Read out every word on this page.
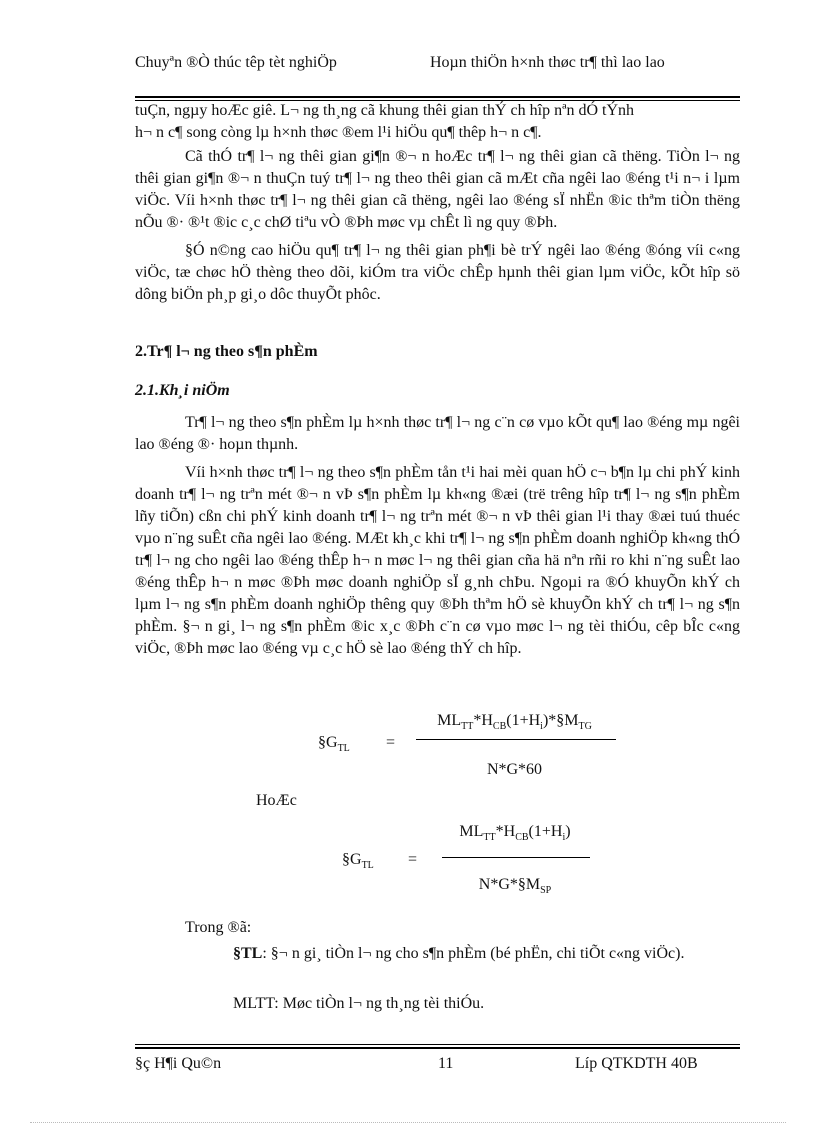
Chuyªn ®Ò thúc têp tèt nghiÖp	Hoµn thiÖn h×nh thøc tr¶ thì lao lao

tuÇn, ngµy hoÆc giê. L¬ ng th¸ng cã khung thêi gian thÝ ch hîp nªn dÓ tÝnh
h¬ n c¶ song còng lµ h×nh thøc ®em l¹i hiÖu qu¶ thêp h¬ n c¶.

Cã thÓ tr¶ l¬ ng thêi gian gi¶n ®¬ n hoÆc tr¶ l¬ ng thêi gian cã thëng. TiÒn l¬ ng thêi gian gi¶n ®¬ n thuÇn tuý tr¶ l¬ ng theo thêi gian cã mÆt cña ngêi lao ®éng t¹i n¬ i lµm viÖc. Víi h×nh thøc tr¶ l¬ ng thêi gian cã thëng, ngêi lao ®éng sÏ nhËn ®ic thªm tiÒn thëng nÕu ®· ®¹t ®ic c¸c chØ tiªu vÒ ®Þh møc vµ chÊt lì ng quy ®Þh.

§Ó n©ng cao hiÖu qu¶ tr¶ l¬ ng thêi gian ph¶i bè trÝ ngêi lao ®éng ®óng víi c«ng viÖc, tæ chøc hÖ thèng theo dõi, kiÓm tra viÖc chÊp hµnh thêi gian lµm viÖc, kÕt hîp sö dông biÖn ph¸p gi¸o dôc thuyÕt phôc.

2.Tr¶ l¬ ng theo s¶n phÈm
2.1.Kh¸i niÖm

Tr¶ l¬ ng theo s¶n phÈm lµ h×nh thøc tr¶ l¬ ng c¨n cø vµo kÕt qu¶ lao ®éng mµ ngêi lao ®éng ®· hoµn thµnh.

Víi h×nh thøc tr¶ l¬ ng theo s¶n phÈm tån t¹i hai mèi quan hÖ c¬ b¶n lµ chi phÝ kinh doanh tr¶ l¬ ng trªn mét ®¬ n vÞ s¶n phÈm lµ kh«ng ®æi (trë trêng hîp tr¶ l¬ ng s¶n phÈm lñy tiÕn) cßn chi phÝ kinh doanh tr¶ l¬ ng trªn mét ®¬ n vÞ thêi gian l¹i thay ®æi tuú thuéc vµo n¨ng suÊt cña ngêi lao ®éng. MÆt kh¸c khi tr¶ l¬ ng s¶n phÈm doanh nghiÖp kh«ng thÓ tr¶ l¬ ng cho ngêi lao ®éng thÊp h¬ n møc l¬ ng thêi gian cña hä nªn rñi ro khi n¨ng suÊt lao ®éng thÊp h¬ n møc ®Þh møc doanh nghiÖp sÏ g¸nh chÞu. Ngoµi ra ®Ó khuyÕn khÝ ch lµm l¬ ng s¶n phÈm doanh nghiÖp thêng quy ®Þh thªm hÖ sè khuyÕn khÝ ch tr¶ l¬ ng s¶n phÈm. §¬ n gi¸ l¬ ng s¶n phÈm ®ic x¸c ®Þh c¨n cø vµo møc l¬ ng tèi thiÓu, cêp bÎc c«ng viÖc, ®Þh møc lao ®éng vµ c¸c hÖ sè lao ®éng thÝ ch hîp.

$\S G_{TL}$ =
$ML_{TT}*H_{CB}(1+H_i)*\S M_{TG}$
N*G*60
HoÆc
$\S G_{TL}$ =
$ML_{TT}*H_{CB}(1+H_i)$
$N*G*\S M_{SP}$
Trong ®ã:
§TL: §¬ n gi¸ tiÒn l¬ ng cho s¶n phÈm (bé phËn, chi tiÕt c«ng viÖc).
MLTT: Møc tiÒn l¬ ng th¸ng tèi thiÓu.
§ç H¶i Qu©n	11	Líp QTKDTH 40B
